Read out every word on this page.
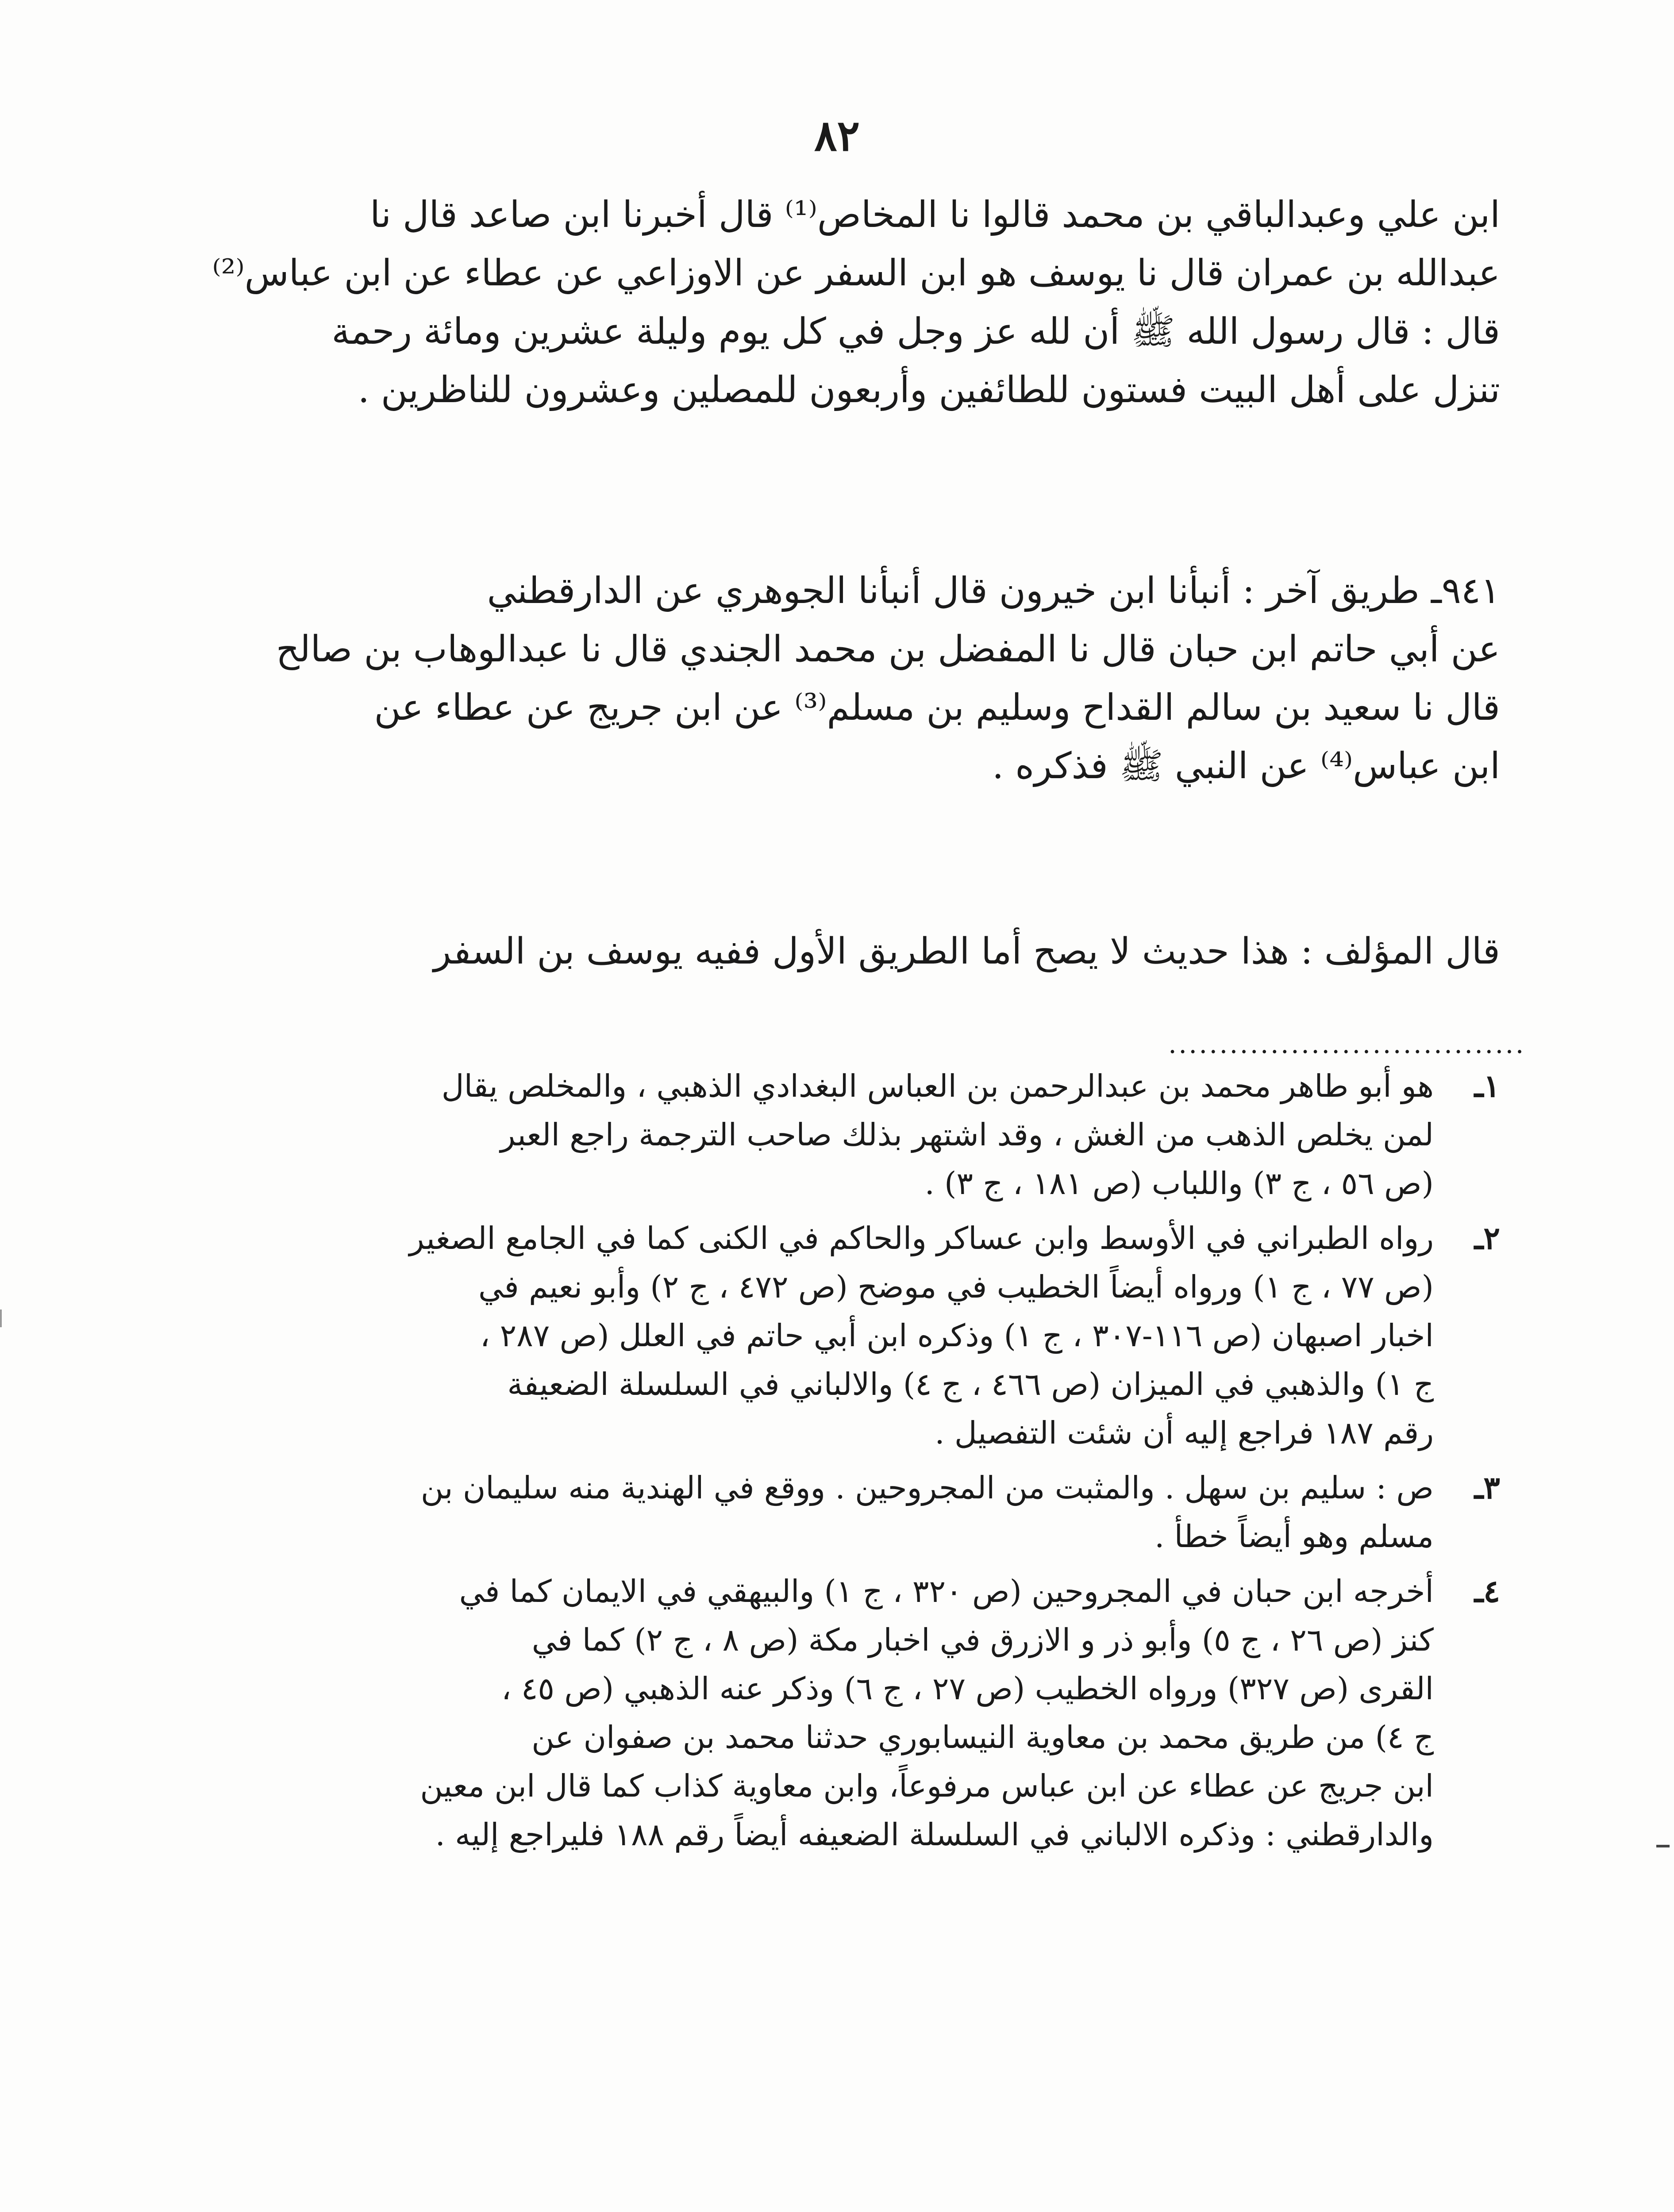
٨٢
ابن علي وعبدالباقي بن محمد قالوا نا المخاص⁽¹⁾ قال أخبرنا ابن صاعد قال نا
عبدالله بن عمران قال نا يوسف هو ابن السفر عن الاوزاعي عن عطاء عن ابن عباس⁽²⁾
قال : قال رسول الله ﷺ أن لله عز وجل في كل يوم وليلة عشرين ومائة رحمة
تنزل على أهل البيت فستون للطائفين وأربعون للمصلين وعشرون للناظرين .
٩٤١ـ طريق آخر : أنبأنا ابن خيرون قال أنبأنا الجوهري عن الدارقطني
عن أبي حاتم ابن حبان قال نا المفضل بن محمد الجندي قال نا عبدالوهاب بن صالح
قال نا سعيد بن سالم القداح وسليم بن مسلم⁽³⁾ عن ابن جريج عن عطاء عن
ابن عباس⁽⁴⁾ عن النبي ﷺ فذكره .
قال المؤلف : هذا حديث لا يصح أما الطريق الأول ففيه يوسف بن السفر
...................................
١ـ
هو أبو طاهر محمد بن عبدالرحمن بن العباس البغدادي الذهبي ، والمخلص يقال
لمن يخلص الذهب من الغش ، وقد اشتهر بذلك صاحب الترجمة راجع العبر
(ص ٥٦ ، ج ٣) واللباب (ص ١٨١ ، ج ٣) .
٢ـ
رواه الطبراني في الأوسط وابن عساكر والحاكم في الكنى كما في الجامع الصغير
(ص ٧٧ ، ج ١) ورواه أيضاً الخطيب في موضح (ص ٤٧٢ ، ج ٢) وأبو نعيم في
اخبار اصبهان (ص ١١٦-٣٠٧ ، ج ١) وذكره ابن أبي حاتم في العلل (ص ٢٨٧ ،
ج ١) والذهبي في الميزان (ص ٤٦٦ ، ج ٤) والالباني في السلسلة الضعيفة
رقم ١٨٧ فراجع إليه أن شئت التفصيل .
٣ـ
ص : سليم بن سهل . والمثبت من المجروحين . ووقع في الهندية منه سليمان بن
مسلم وهو أيضاً خطأ .
٤ـ
أخرجه ابن حبان في المجروحين (ص ٣٢٠ ، ج ١) والبيهقي في الايمان كما في
كنز (ص ٢٦ ، ج ٥) وأبو ذر و الازرق في اخبار مكة (ص ٨ ، ج ٢) كما في
القرى (ص ٣٢٧) ورواه الخطيب (ص ٢٧ ، ج ٦) وذكر عنه الذهبي (ص ٤٥ ،
ج ٤) من طريق محمد بن معاوية النيسابوري حدثنا محمد بن صفوان عن
ابن جريج عن عطاء عن ابن عباس مرفوعاً، وابن معاوية كذاب كما قال ابن معين
والدارقطني : وذكره الالباني في السلسلة الضعيفه أيضاً رقم ١٨٨ فليراجع إليه .
